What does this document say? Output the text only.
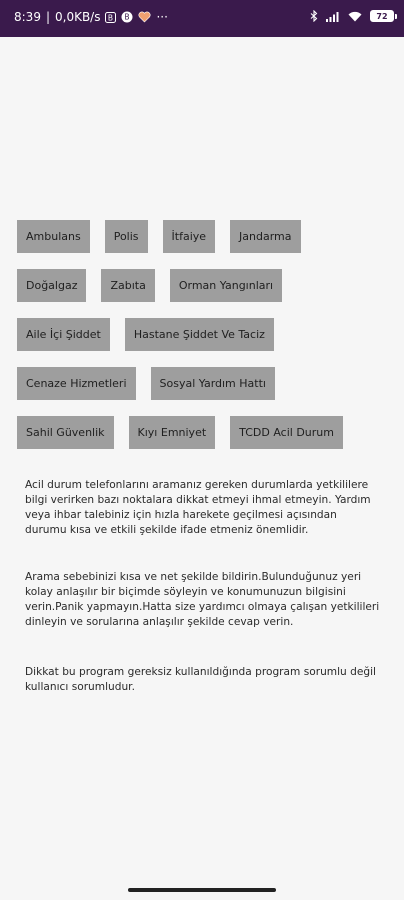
8:39 | 0,0KB/s B B ···	72
Ambulans	Polis	İtfaiye	Jandarma
Doğalgaz	Zabıta	Orman Yangınları
Aile İçi Şiddet	Hastane Şiddet Ve Taciz
Cenaze Hizmetleri	Sosyal Yardım Hattı
Sahil Güvenlik	Kıyı Emniyet	TCDD Acil Durum

Acil durum telefonlarını aramanız gereken durumlarda yetkililere bilgi verirken bazı noktalara dikkat etmeyi ihmal etmeyin. Yardım veya ihbar talebiniz için hızla harekete geçilmesi açısından durumu kısa ve etkili şekilde ifade etmeniz önemlidir.

Arama sebebinizi kısa ve net şekilde bildirin.Bulunduğunuz yeri kolay anlaşılır bir biçimde söyleyin ve konumunuzun bilgisini verin.Panik yapmayın.Hatta size yardımcı olmaya çalışan yetkilileri dinleyin ve sorularına anlaşılır şekilde cevap verin.

Dikkat bu program gereksiz kullanıldığında program sorumlu değil kullanıcı sorumludur.
